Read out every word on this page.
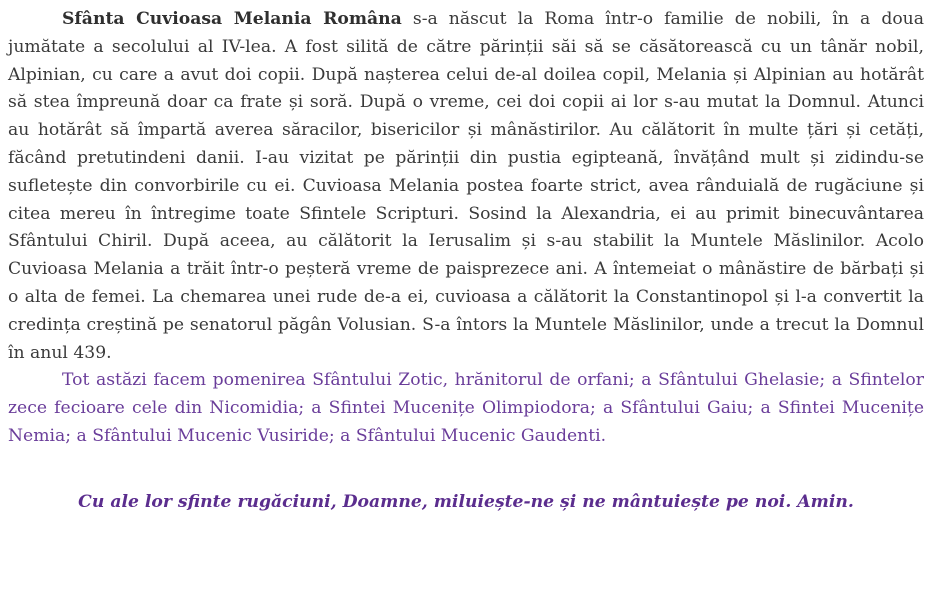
Sfânta Cuvioasa Melania Româna s-a născut la Roma într-o familie de nobili, în a doua jumătate a secolului al IV-lea. A fost silită de către părinții săi să se căsătorească cu un tânăr nobil, Alpinian, cu care a avut doi copii. După nașterea celui de-al doilea copil, Melania și Alpinian au hotărât să stea împreună doar ca frate și soră. După o vreme, cei doi copii ai lor s-au mutat la Domnul. Atunci au hotărât să împartă averea săracilor, bisericilor și mânăstirilor. Au călătorit în multe țări și cetăți, făcând pretutindeni danii. I-au vizitat pe părinții din pustia egipteană, învățând mult și zidindu-se sufletește din convorbirile cu ei. Cuvioasa Melania postea foarte strict, avea rânduială de rugăciune și citea mereu în întregime toate Sfintele Scripturi. Sosind la Alexandria, ei au primit binecuvântarea Sfântului Chiril. După aceea, au călătorit la Ierusalim și s-au stabilit la Muntele Măslinilor. Acolo Cuvioasa Melania a trăit într-o peșteră vreme de paisprezece ani. A întemeiat o mânăstire de bărbați și o alta de femei. La chemarea unei rude de-a ei, cuvioasa a călătorit la Constantinopol și l-a convertit la credința creștină pe senatorul păgân Volusian. S-a întors la Muntele Măslinilor, unde a trecut la Domnul în anul 439.

Tot astăzi facem pomenirea Sfântului Zotic, hrănitorul de orfani; a Sfântului Ghelasie; a Sfintelor zece fecioare cele din Nicomidia; a Sfintei Mucenițe Olimpiodora; a Sfântului Gaiu; a Sfintei Mucenițe Nemia; a Sfântului Mucenic Vusiride; a Sfântului Mucenic Gaudenti.

Cu ale lor sfinte rugăciuni, Doamne, miluiește-ne și ne mântuiește pe noi. Amin.
